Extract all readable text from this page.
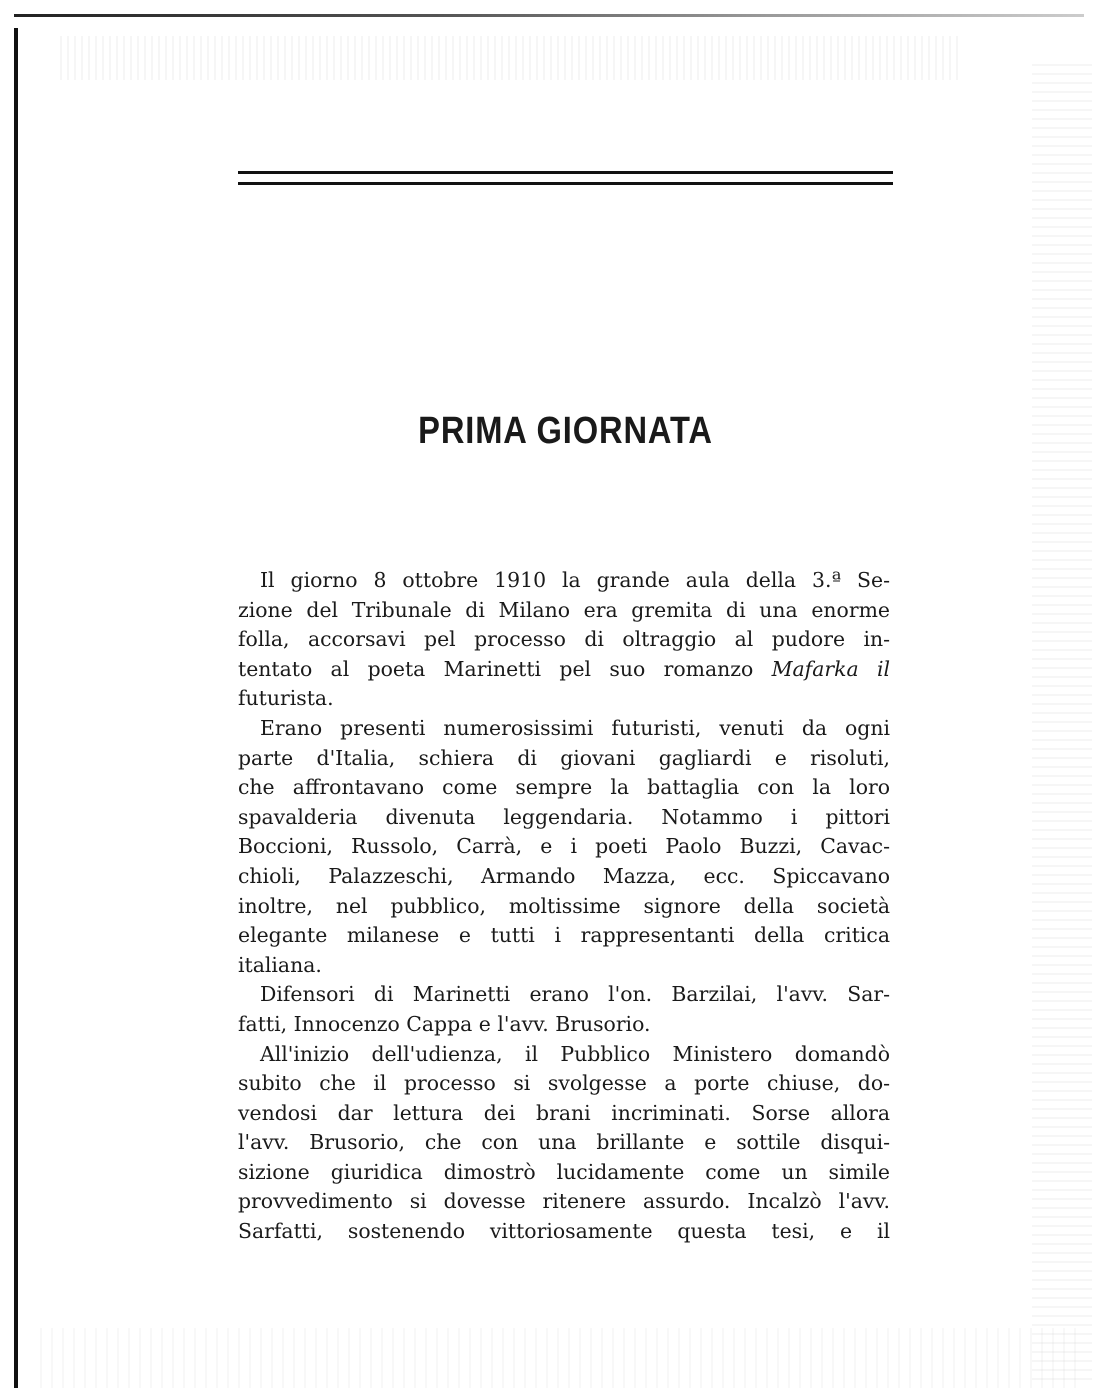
PRIMA GIORNATA
Il giorno 8 ottobre 1910 la grande aula della 3.ª Se-
zione del Tribunale di Milano era gremita di una enorme
folla, accorsavi pel processo di oltraggio al pudore in-
tentato al poeta Marinetti pel suo romanzo Mafarka il
futurista.
Erano presenti numerosissimi futuristi, venuti da ogni
parte d'Italia, schiera di giovani gagliardi e risoluti,
che affrontavano come sempre la battaglia con la loro
spavalderia divenuta leggendaria. Notammo i pittori
Boccioni, Russolo, Carrà, e i poeti Paolo Buzzi, Cavac-
chioli, Palazzeschi, Armando Mazza, ecc. Spiccavano
inoltre, nel pubblico, moltissime signore della società
elegante milanese e tutti i rappresentanti della critica
italiana.
Difensori di Marinetti erano l'on. Barzilai, l'avv. Sar-
fatti, Innocenzo Cappa e l'avv. Brusorio.
All'inizio dell'udienza, il Pubblico Ministero domandò
subito che il processo si svolgesse a porte chiuse, do-
vendosi dar lettura dei brani incriminati. Sorse allora
l'avv. Brusorio, che con una brillante e sottile disqui-
sizione giuridica dimostrò lucidamente come un simile
provvedimento si dovesse ritenere assurdo. Incalzò l'avv.
Sarfatti, sostenendo vittoriosamente questa tesi, e il
